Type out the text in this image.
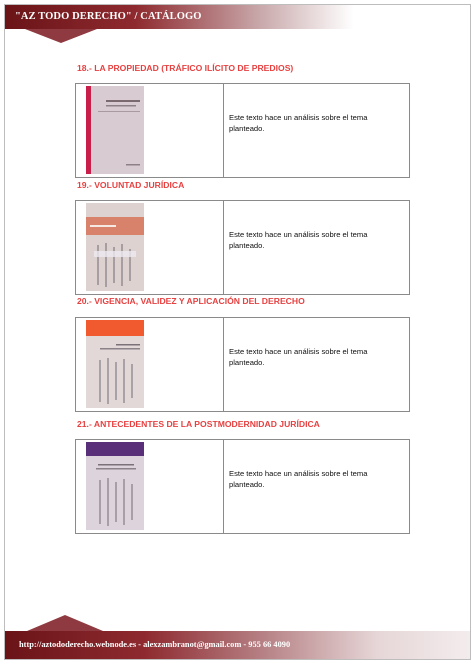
"AZ TODO DERECHO" / CATÁLOGO
18.- LA PROPIEDAD (TRÁFICO ILÍCITO DE PREDIOS)
Este texto hace un análisis sobre el tema planteado.
19.- VOLUNTAD JURÍDICA
Este texto hace un análisis sobre el tema planteado.
20.- VIGENCIA, VALIDEZ Y APLICACIÓN DEL DERECHO
Este texto hace un análisis sobre el tema planteado.
21.- ANTECEDENTES DE LA POSTMODERNIDAD JURÍDICA
Este texto hace un análisis sobre el tema planteado.
http://aztododerecho.webnode.es - alexzambranot@gmail.com - 955 66 4090
